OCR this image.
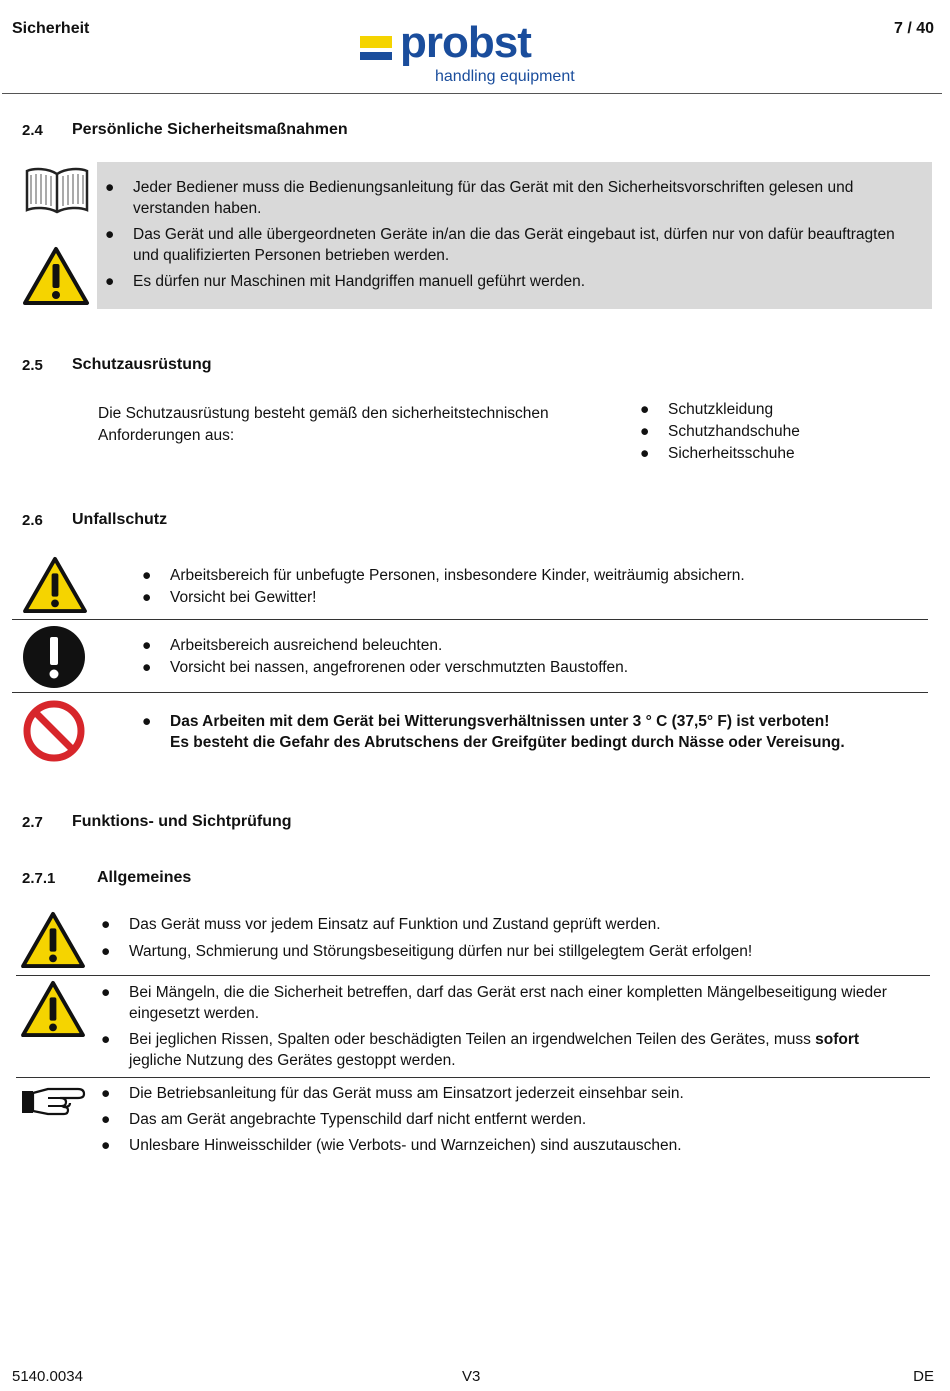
Sicherheit	probst
handling equipment
7 / 40
2.4 Persönliche Sicherheitsmaßnahmen
● Jeder Bediener muss die Bedienungsanleitung für das Gerät mit den Sicherheitsvorschriften gelesen und verstanden haben.
● Das Gerät und alle übergeordneten Geräte in/an die das Gerät eingebaut ist, dürfen nur von dafür beauftragten und qualifizierten Personen betrieben werden.
● Es dürfen nur Maschinen mit Handgriffen manuell geführt werden.
2.5 Schutzausrüstung
Die Schutzausrüstung besteht gemäß den sicherheitstechnischen Anforderungen aus:
● Schutzkleidung
● Schutzhandschuhe
● Sicherheitsschuhe
2.6 Unfallschutz
● Arbeitsbereich für unbefugte Personen, insbesondere Kinder, weiträumig absichern.
● Vorsicht bei Gewitter!
● Arbeitsbereich ausreichend beleuchten.
● Vorsicht bei nassen, angefrorenen oder verschmutzten Baustoffen.
● Das Arbeiten mit dem Gerät bei Witterungsverhältnissen unter 3 ° C (37,5° F) ist verboten!
Es besteht die Gefahr des Abrutschens der Greifgüter bedingt durch Nässe oder Vereisung.
2.7 Funktions- und Sichtprüfung
2.7.1	Allgemeines
● Das Gerät muss vor jedem Einsatz auf Funktion und Zustand geprüft werden.
● Wartung, Schmierung und Störungsbeseitigung dürfen nur bei stillgelegtem Gerät erfolgen!
● Bei Mängeln, die die Sicherheit betreffen, darf das Gerät erst nach einer kompletten Mängelbeseitigung wieder eingesetzt werden.
● Bei jeglichen Rissen, Spalten oder beschädigten Teilen an irgendwelchen Teilen des Gerätes, muss sofort jegliche Nutzung des Gerätes gestoppt werden.
● Die Betriebsanleitung für das Gerät muss am Einsatzort jederzeit einsehbar sein.
● Das am Gerät angebrachte Typenschild darf nicht entfernt werden.
● Unlesbare Hinweisschilder (wie Verbots- und Warnzeichen) sind auszutauschen.
5140.0034	V3	DE
